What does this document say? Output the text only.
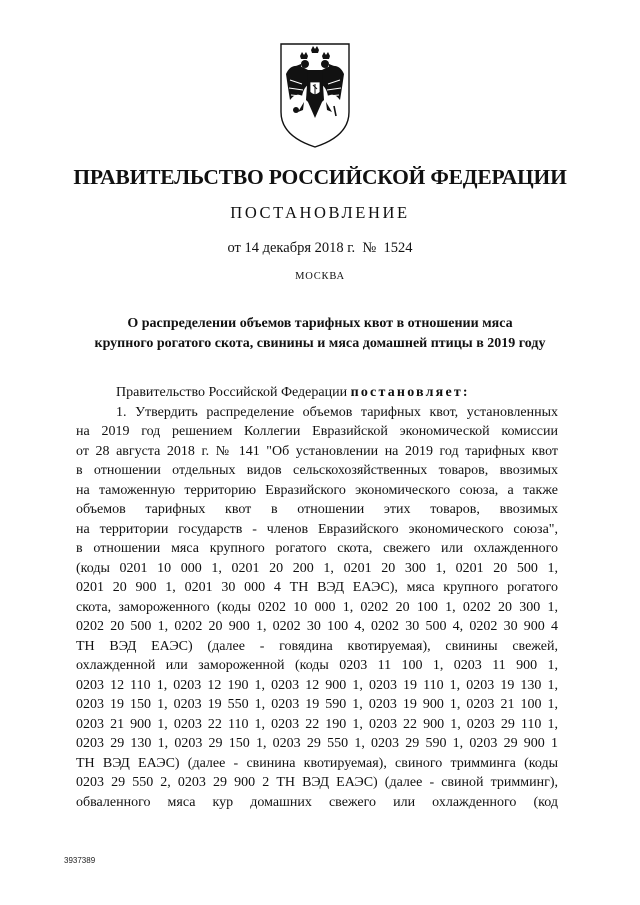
ПРАВИТЕЛЬСТВО РОССИЙСКОЙ ФЕДЕРАЦИИ
ПОСТАНОВЛЕНИЕ
от 14 декабря 2018 г.  №  1524
МОСКВА
О распределении объемов тарифных квот в отношении мяса
крупного рогатого скота, свинины и мяса домашней птицы в 2019 году

Правительство Российской Федерации постановляет:

1. Утвердить распределение объемов тарифных квот, установленных

на 2019 год решением Коллегии Евразийской экономической комиссии

от 28 августа 2018 г. № 141 "Об установлении на 2019 год тарифных квот

в отношении отдельных видов сельскохозяйственных товаров, ввозимых

на таможенную территорию Евразийского экономического союза, а также

объемов тарифных квот в отношении этих товаров, ввозимых

на территории государств - членов Евразийского экономического союза",

в отношении мяса крупного рогатого скота, свежего или охлажденного

(коды 0201 10 000 1, 0201 20 200 1, 0201 20 300 1, 0201 20 500 1,

0201 20 900 1, 0201 30 000 4 ТН ВЭД ЕАЭС), мяса крупного рогатого

скота, замороженного (коды 0202 10 000 1, 0202 20 100 1, 0202 20 300 1,

0202 20 500 1, 0202 20 900 1, 0202 30 100 4, 0202 30 500 4, 0202 30 900 4

ТН ВЭД ЕАЭС) (далее - говядина квотируемая), свинины свежей,

охлажденной или замороженной (коды 0203 11 100 1, 0203 11 900 1,

0203 12 110 1, 0203 12 190 1, 0203 12 900 1, 0203 19 110 1, 0203 19 130 1,

0203 19 150 1, 0203 19 550 1, 0203 19 590 1, 0203 19 900 1, 0203 21 100 1,

0203 21 900 1, 0203 22 110 1, 0203 22 190 1, 0203 22 900 1, 0203 29 110 1,

0203 29 130 1, 0203 29 150 1, 0203 29 550 1, 0203 29 590 1, 0203 29 900 1

ТН ВЭД ЕАЭС) (далее - свинина квотируемая), свиного тримминга (коды

0203 29 550 2, 0203 29 900 2 ТН ВЭД ЕАЭС) (далее - свиной тримминг),

обваленного мяса кур домашних свежего или охлажденного (код

3937389
